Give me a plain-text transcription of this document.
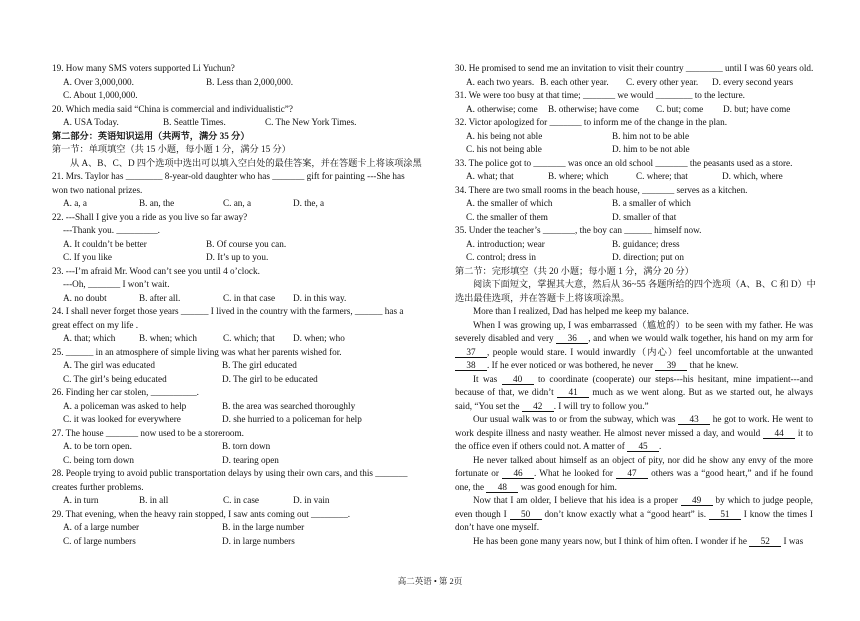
19. How many SMS voters supported Li Yuchun?
A. Over 3,000,000.	B. Less than 2,000,000.
C. About 1,000,000.
20. Which media said “China is commercial and individualistic”?
A. USA Today.	B. Seattle Times.	C. The New York Times.
第二部分：英语知识运用（共两节，满分 35 分）
第一节：单项填空（共 15 小题，每小题 1 分，满分 15 分）
从 A、B、C、D 四个选项中选出可以填入空白处的最佳答案，并在答题卡上将该项涂黑
21. Mrs. Taylor has ________ 8-year-old daughter who has _______ gift for painting ---She has
won two national prizes.
A. a, a	B. an, the	C. an, a	D. the, a
22. ---Shall I give you a ride as you live so far away?
---Thank you. _________.
A. It couldn’t be better	B. Of course you can.
C. If you like	D. It’s up to you.
23. ---I’m afraid Mr. Wood can’t see you until 4 o’clock.
---Oh, _______ I won’t wait.
A. no doubt	B. after all.	C. in that case	D. in this way.
24. I shall never forget those years ______ I lived in the country with the farmers, ______ has a
great effect on my life .
A. that; which	B. when; which	C. which; that	D. when; who
25. ______ in an atmosphere of simple living was what her parents wished for.
A. The girl was educated	B. The girl educated
C. The girl’s being educated	D. The girl to be educated
26. Finding her car stolen, __________.
A. a policeman was asked to help	B. the area was searched thoroughly
C. it was looked for everywhere	D. she hurried to a policeman for help
27. The house _______ now used to be a storeroom.
A. to be torn open.	B. torn down
C. being torn down	D. tearing open
28. People trying to avoid public transportation delays by using their own cars, and this _______
creates further problems.
A. in turn	B. in all	C. in case	D. in vain
29. That evening, when the heavy rain stopped, I saw ants coming out ________.
A. of a large number	B. in the large number
C. of large numbers	D. in large numbers
30. He promised to send me an invitation to visit their country ________ until I was 60 years old.
A. each two years. B. each other year.	C. every other year.	D. every second years
31. We were too busy at that time; _______ we would ________ to the lecture.
A. otherwise; come	B. otherwise; have come	C. but; come	D. but; have come
32. Victor apologized for _______ to inform me of the change in the plan.
A. his being not able	B. him not to be able
C. his not being able	D. him to be not able
33. The police got to _______ was once an old school _______ the peasants used as a store.
A. what; that	B. where; which	C. where; that	D. which, where
34. There are two small rooms in the beach house, _______ serves as a kitchen.
A. the smaller of which	B. a smaller of which
C. the smaller of them	D. smaller of that
35. Under the teacher’s _______, the boy can ______ himself now.
A. introduction; wear	B. guidance; dress
C. control; dress in	D. direction; put on
第二节：完形填空（共 20 小题；每小题 1 分，满分 20 分）
阅读下面短文，掌握其大意，然后从 36~55 各题所给的四个选项（A、B、C 和 D）中
选出最佳选项，并在答题卡上将该项涂黑。
More than I realized, Dad has helped me keep my balance.
When I was growing up, I was embarrassed（尴尬的）to be seen with my father. He was severely disabled and very 36 , and when we would walk together, his hand on my arm for 37 , people would stare. I would inwardly（内心）feel uncomfortable at the unwanted 38 . If he ever noticed or was bothered, he never 39 that he knew.
It was 40 to coordinate (cooperate) our steps---his hesitant, mine impatient---and because of that, we didn’t 41 much as we went along. But as we started out, he always said, “You set the 42 . I will try to follow you.”
Our usual walk was to or from the subway, which was 43 he got to work. He went to work despite illness and nasty weather. He almost never missed a day, and would 44 it to the office even if others could not. A matter of 45 .
He never talked about himself as an object of pity, nor did he show any envy of the more fortunate or 46 . What he looked for 47 others was a “good heart,” and if he found one, the 48 was good enough for him.
Now that I am older, I believe that his idea is a proper 49 by which to judge people, even though I 50 don’t know exactly what a “good heart” is. 51 I know the times I don’t have one myself.
He has been gone many years now, but I think of him often. I wonder if he 52 I was
高二英语 • 第 2页
